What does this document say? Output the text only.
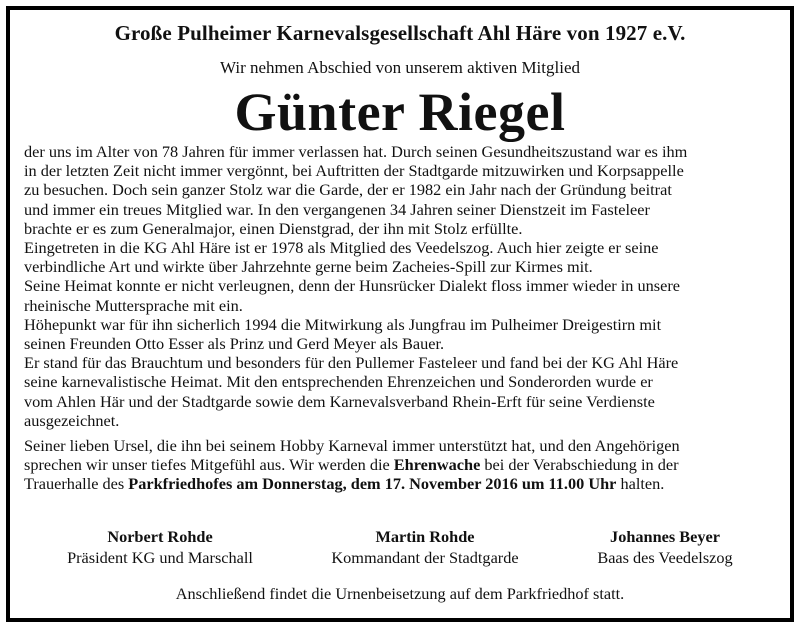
Große Pulheimer Karnevalsgesellschaft Ahl Häre von 1927 e.V.
Wir nehmen Abschied von unserem aktiven Mitglied
Günter Riegel

der uns im Alter von 78 Jahren für immer verlassen hat. Durch seinen Gesundheitszustand war es ihm

in der letzten Zeit nicht immer vergönnt, bei Auftritten der Stadtgarde mitzuwirken und Korpsappelle

zu besuchen. Doch sein ganzer Stolz war die Garde, der er 1982 ein Jahr nach der Gründung beitrat

und immer ein treues Mitglied war. In den vergangenen 34 Jahren seiner Dienstzeit im Fasteleer

brachte er es zum Generalmajor, einen Dienstgrad, der ihn mit Stolz erfüllte.

Eingetreten in die KG Ahl Häre ist er 1978 als Mitglied des Veedelszog. Auch hier zeigte er seine

verbindliche Art und wirkte über Jahrzehnte gerne beim Zacheies-Spill zur Kirmes mit.

Seine Heimat konnte er nicht verleugnen, denn der Hunsrücker Dialekt floss immer wieder in unsere

rheinische Muttersprache mit ein.

Höhepunkt war für ihn sicherlich 1994 die Mitwirkung als Jungfrau im Pulheimer Dreigestirn mit

seinen Freunden Otto Esser als Prinz und Gerd Meyer als Bauer.

Er stand für das Brauchtum und besonders für den Pullemer Fasteleer und fand bei der KG Ahl Häre

seine karnevalistische Heimat. Mit den entsprechenden Ehrenzeichen und Sonderorden wurde er

vom Ahlen Här und der Stadtgarde sowie dem Karnevalsverband Rhein-Erft für seine Verdienste

ausgezeichnet.

Seiner lieben Ursel, die ihn bei seinem Hobby Karneval immer unterstützt hat, und den Angehörigen

sprechen wir unser tiefes Mitgefühl aus. Wir werden die Ehrenwache bei der Verabschiedung in der

Trauerhalle des Parkfriedhofes am Donnerstag, dem 17. November 2016 um 11.00 Uhr halten.

Norbert Rohde
Präsident KG und Marschall
Martin Rohde
Kommandant der Stadtgarde
Johannes Beyer
Baas des Veedelszog
Anschließend findet die Urnenbeisetzung auf dem Parkfriedhof statt.
